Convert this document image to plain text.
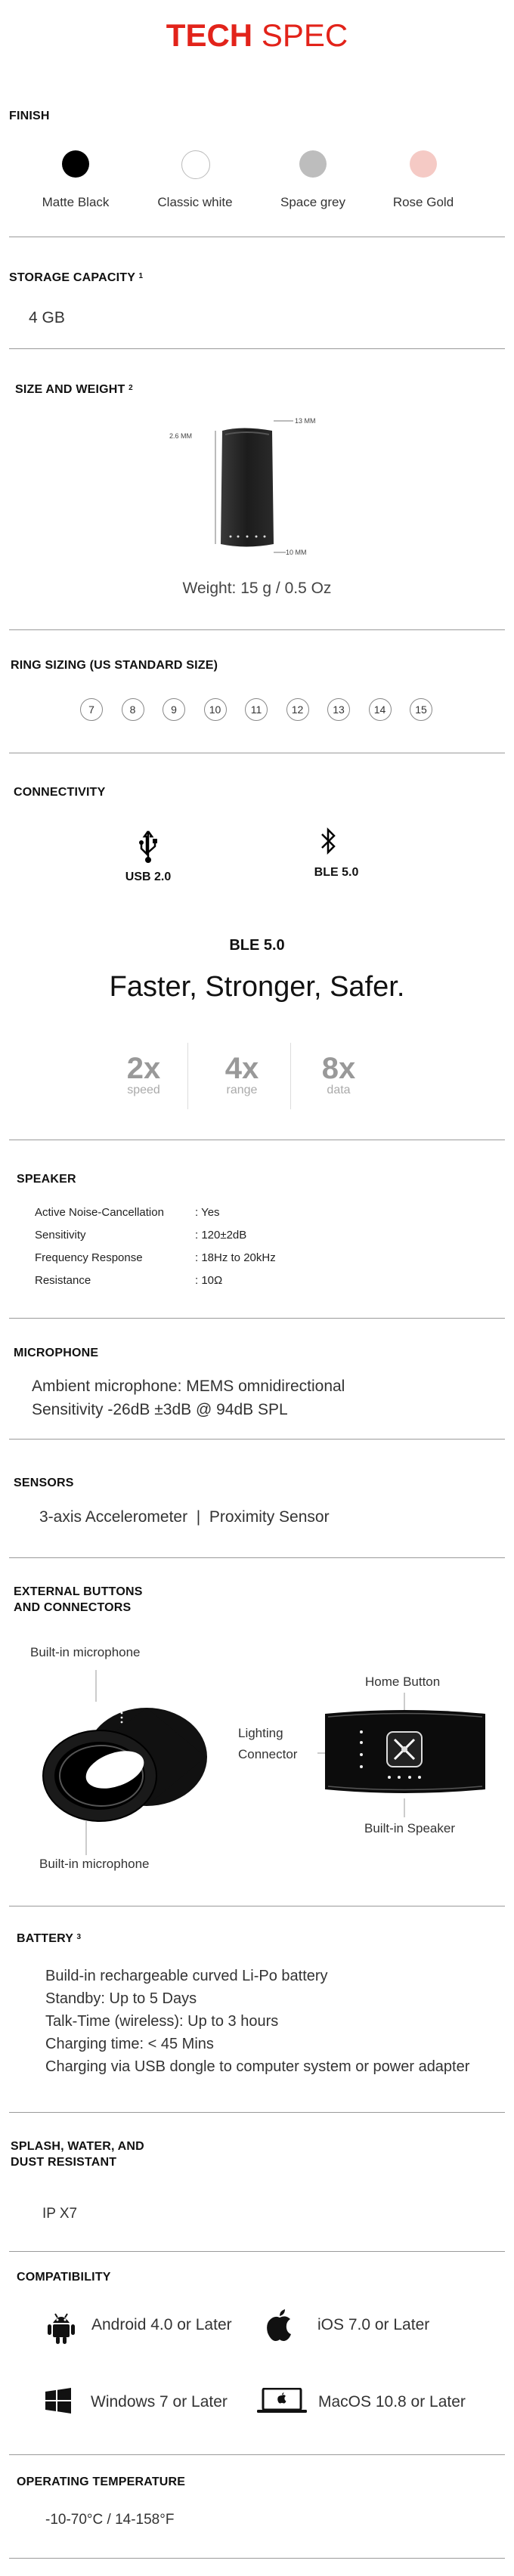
TECH SPEC
FINISH
Matte Black	Classic white	Space grey	Rose Gold
STORAGE CAPACITY $^1$
4 GB
SIZE AND WEIGHT $^2$
2.6 MM
13 MM
10 MM
Weight: 15 g / 0.5 Oz
RING SIZING (US STANDARD SIZE)
7	8	9	10	11	12	13	14	15
CONNECTIVITY
USB 2.0	BLE 5.0
BLE 5.0
Faster, Stronger, Safer.
2x
speed
4x
range
8x
data
SPEAKER
Active Noise-Cancellation	: Yes
Sensitivity	: 120±2dB
Frequency Response	: 18Hz to 20kHz
Resistance	: 10Ω
MICROPHONE
Ambient microphone: MEMS omnidirectional
Sensitivity -26dB ±3dB @ 94dB SPL
SENSORS
3-axis Accelerometer  |  Proximity Sensor
EXTERNAL BUTTONS
AND CONNECTORS
Built-in microphone
Built-in microphone
Home Button
Lighting
Connector
Built-in Speaker
BATTERY $^3$
Build-in rechargeable curved Li-Po battery
Standby: Up to 5 Days
Talk-Time (wireless): Up to 3 hours
Charging time: < 45 Mins
Charging via USB dongle to computer system or power adapter
SPLASH, WATER, AND
DUST RESISTANT
IP X7
COMPATIBILITY
Android 4.0 or Later	iOS 7.0 or Later
Windows 7 or Later	MacOS 10.8 or Later
OPERATING TEMPERATURE
-10-70°C / 14-158°F
